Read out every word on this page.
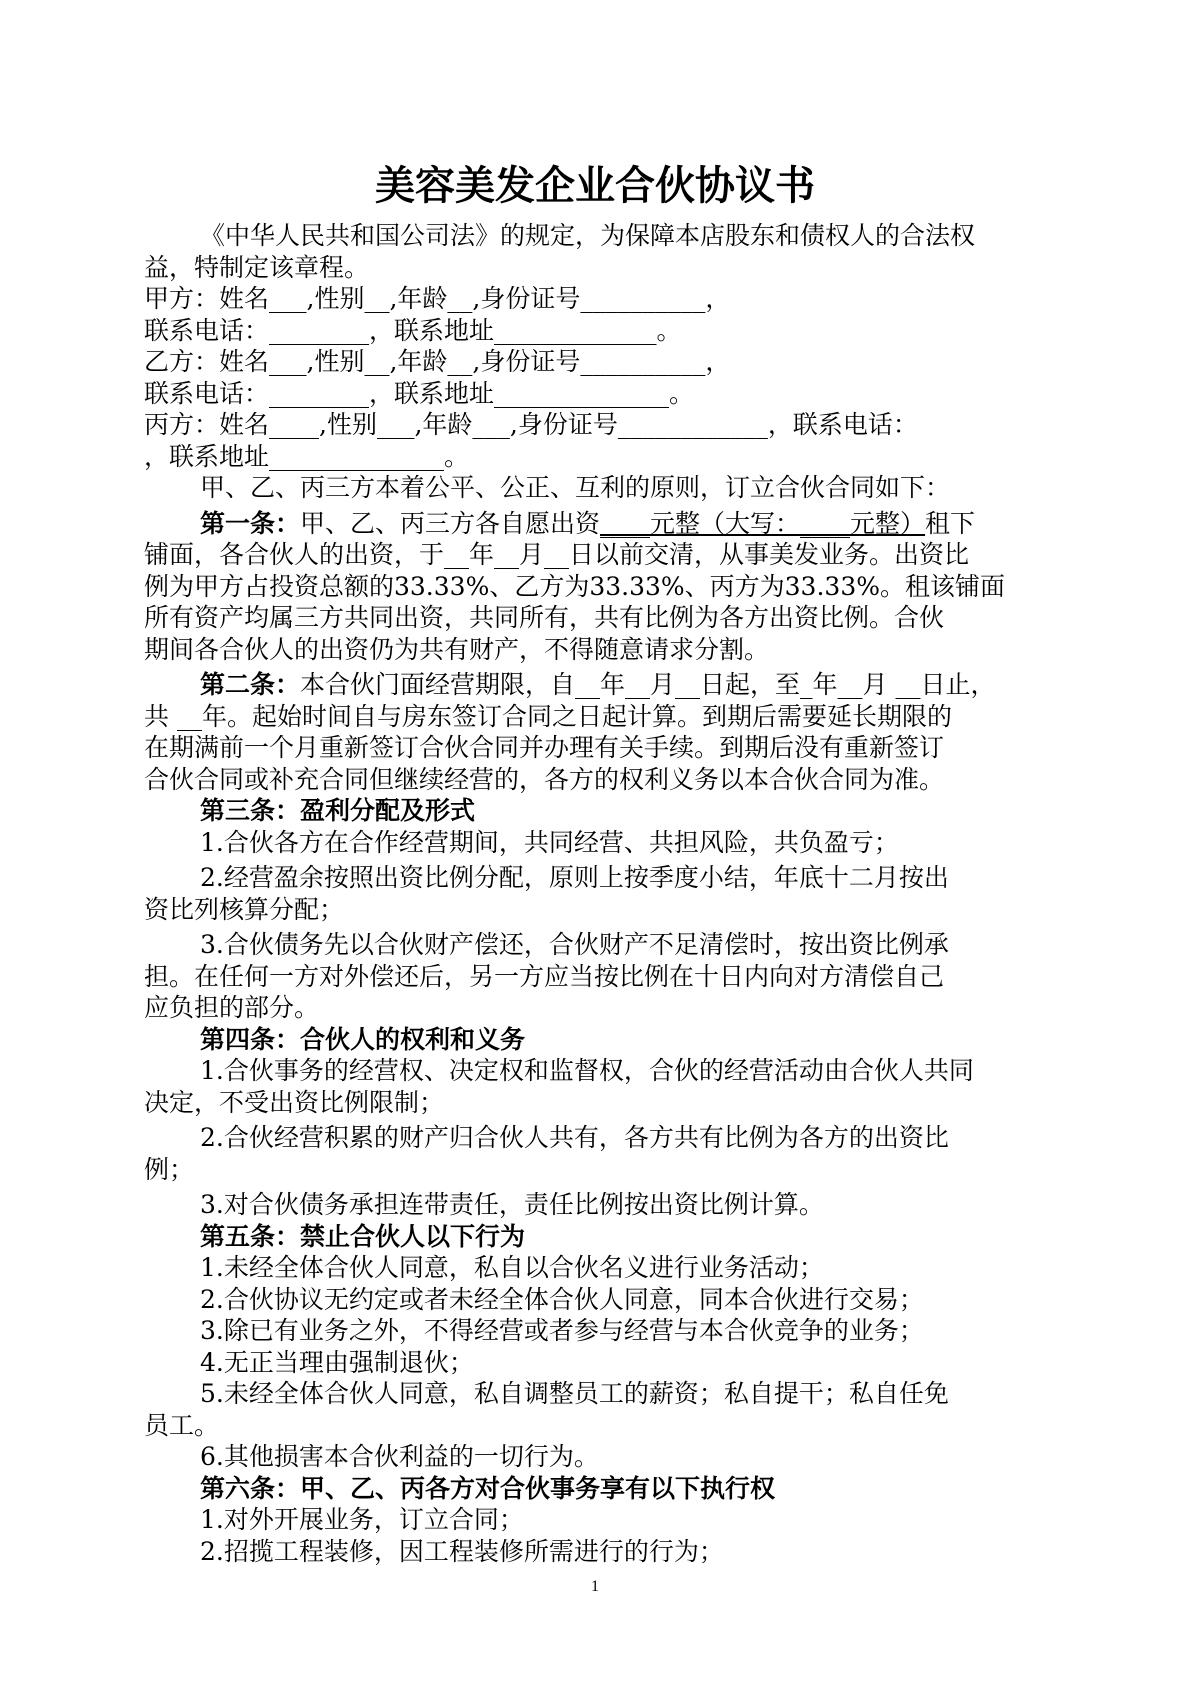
美容美发企业合伙协议书

《中华人民共和国公司法》的规定，为保障本店股东和债权人的合法权

益，特制定该章程。

甲方：姓名___,性别__,年龄__,身份证号__________，

联系电话：________，联系地址_____________。

乙方：姓名___,性别__,年龄__,身份证号__________，

联系电话：________，联系地址______________。

丙方：姓名____,性别___,年龄___,身份证号____________，联系电话：

，联系地址______________。

甲、乙、丙三方本着公平、公正、互利的原则，订立合伙合同如下：

第一条：甲、乙、丙三方各自愿出资____元整（大写：____元整）租下

铺面，各合伙人的出资，于__年__月__日以前交清，从事美发业务。出资比

例为甲方占投资总额的33.33%、乙方为33.33%、丙方为33.33%。租该铺面

所有资产均属三方共同出资，共同所有，共有比例为各方出资比例。合伙

期间各合伙人的出资仍为共有财产，不得随意请求分割。

第二条：本合伙门面经营期限，自__年__月__日起，至_年__月 __日止，

共 __年。起始时间自与房东签订合同之日起计算。到期后需要延长期限的

在期满前一个月重新签订合伙合同并办理有关手续。到期后没有重新签订

合伙合同或补充合同但继续经营的，各方的权利义务以本合伙合同为准。

第三条：盈利分配及形式

1.合伙各方在合作经营期间，共同经营、共担风险，共负盈亏；

2.经营盈余按照出资比例分配，原则上按季度小结，年底十二月按出

资比列核算分配；

3.合伙债务先以合伙财产偿还，合伙财产不足清偿时，按出资比例承

担。在任何一方对外偿还后，另一方应当按比例在十日内向对方清偿自己

应负担的部分。

第四条：合伙人的权利和义务

1.合伙事务的经营权、决定权和监督权，合伙的经营活动由合伙人共同

决定，不受出资比例限制；

2.合伙经营积累的财产归合伙人共有，各方共有比例为各方的出资比

例；

3.对合伙债务承担连带责任，责任比例按出资比例计算。

第五条：禁止合伙人以下行为

1.未经全体合伙人同意，私自以合伙名义进行业务活动；

2.合伙协议无约定或者未经全体合伙人同意，同本合伙进行交易；

3.除已有业务之外，不得经营或者参与经营与本合伙竞争的业务；

4.无正当理由强制退伙；

5.未经全体合伙人同意，私自调整员工的薪资；私自提干；私自任免

员工。

6.其他损害本合伙利益的一切行为。

第六条：甲、乙、丙各方对合伙事务享有以下执行权

1.对外开展业务，订立合同；

2.招揽工程装修，因工程装修所需进行的行为；

1
